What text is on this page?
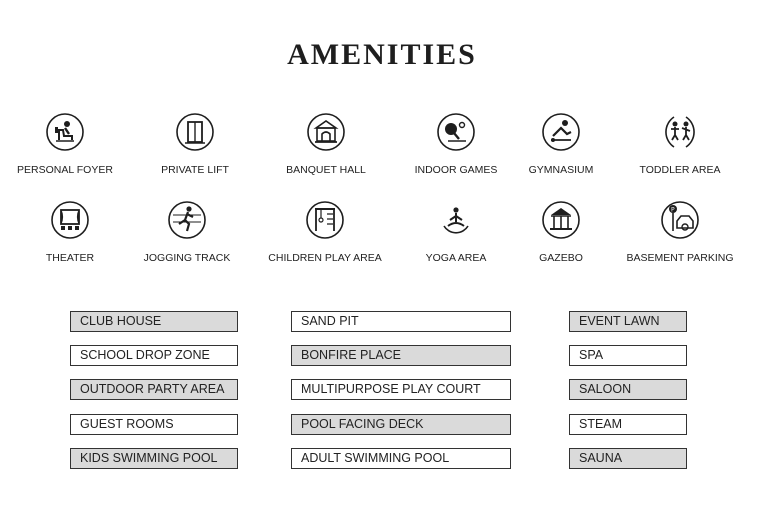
AMENITIES
PERSONAL FOYER	PRIVATE LIFT	BANQUET HALL	INDOOR GAMES	GYMNASIUM	TODDLER AREA
THEATER	JOGGING TRACK	CHILDREN PLAY AREA	YOGA AREA	GAZEBO
P
BASEMENT PARKING
CLUB HOUSE
SCHOOL DROP ZONE
OUTDOOR PARTY AREA
GUEST ROOMS
KIDS SWIMMING POOL
SAND PIT
BONFIRE PLACE
MULTIPURPOSE PLAY COURT
POOL FACING DECK
ADULT SWIMMING POOL
EVENT LAWN
SPA
SALOON
STEAM
SAUNA
